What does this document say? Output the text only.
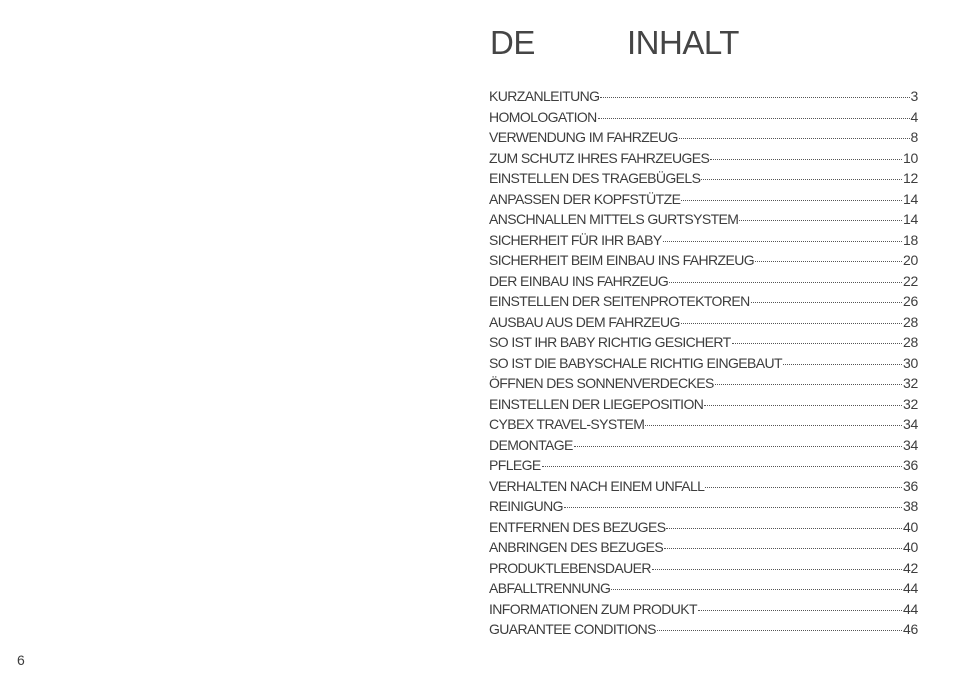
6
DE	INHALT
KURZANLEITUNG	3
HOMOLOGATION	4
VERWENDUNG IM FAHRZEUG	8
ZUM SCHUTZ IHRES FAHRZEUGES	10
EINSTELLEN DES TRAGEBÜGELS	12
ANPASSEN DER KOPFSTÜTZE	14
ANSCHNALLEN MITTELS GURTSYSTEM	14
SICHERHEIT FÜR IHR BABY	18
SICHERHEIT BEIM EINBAU INS FAHRZEUG	20
DER EINBAU INS FAHRZEUG	22
EINSTELLEN DER SEITENPROTEKTOREN	26
AUSBAU AUS DEM FAHRZEUG	28
SO IST IHR BABY RICHTIG GESICHERT	28
SO IST DIE BABYSCHALE RICHTIG EINGEBAUT	30
ÖFFNEN DES SONNENVERDECKES	32
EINSTELLEN DER LIEGEPOSITION	32
CYBEX TRAVEL-SYSTEM	34
DEMONTAGE	34
PFLEGE	36
VERHALTEN NACH EINEM UNFALL	36
REINIGUNG	38
ENTFERNEN DES BEZUGES	40
ANBRINGEN DES BEZUGES	40
PRODUKTLEBENSDAUER	42
ABFALLTRENNUNG	44
INFORMATIONEN ZUM PRODUKT	44
GUARANTEE CONDITIONS	46
